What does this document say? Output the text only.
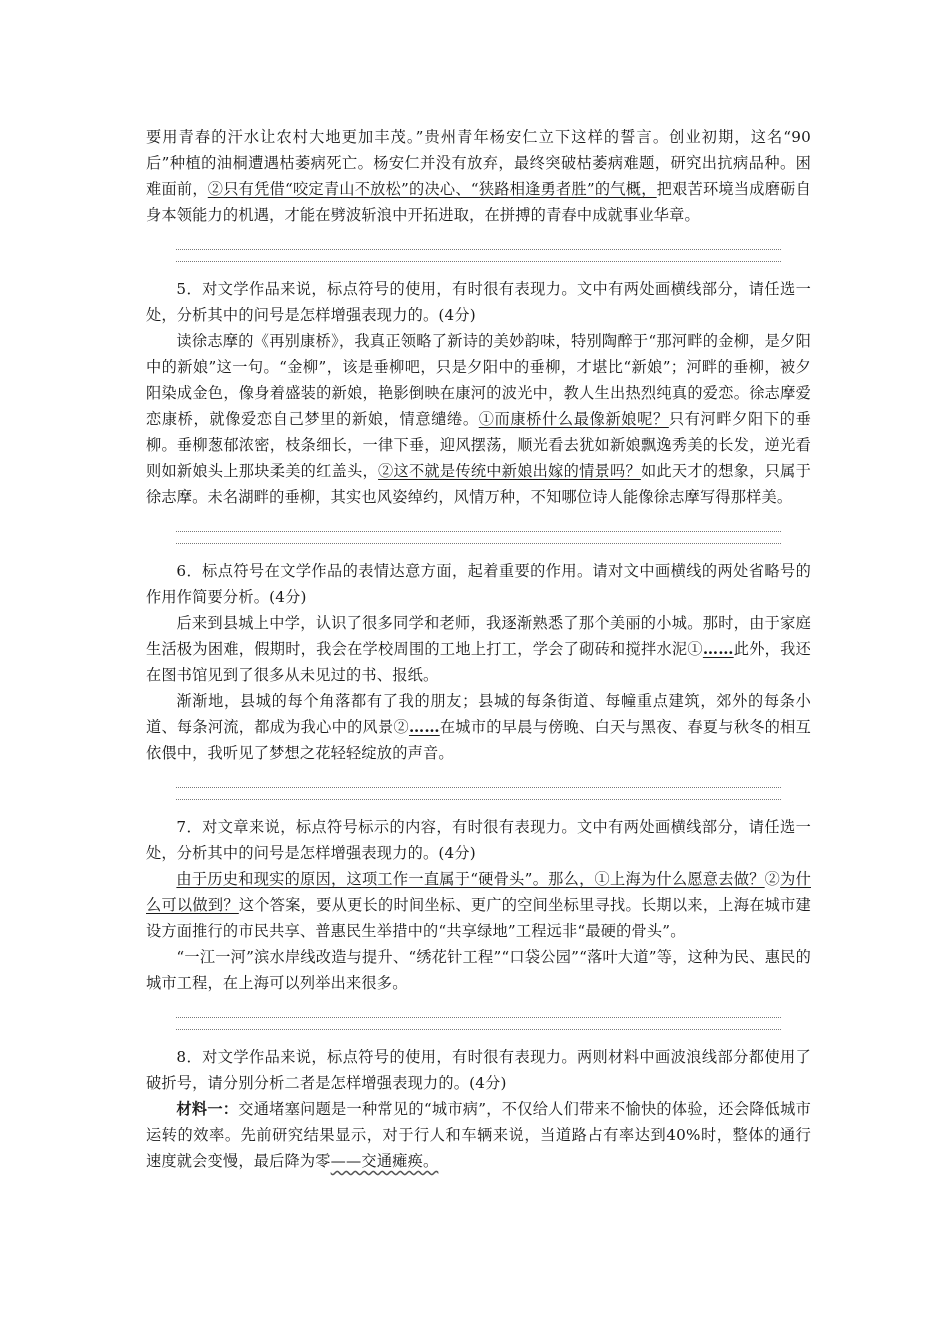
要用青春的汗水让农村大地更加丰茂。”贵州青年杨安仁立下这样的誓言。创业初期，这名“90后”种植的油桐遭遇枯萎病死亡。杨安仁并没有放弃，最终突破枯萎病难题，研究出抗病品种。困难面前，②只有凭借“咬定青山不放松”的决心、“狭路相逢勇者胜”的气概，把艰苦环境当成磨砺自身本领能力的机遇，才能在劈波斩浪中开拓进取，在拼搏的青春中成就事业华章。

5．对文学作品来说，标点符号的使用，有时很有表现力。文中有两处画横线部分，请任选一处，分析其中的问号是怎样增强表现力的。(4分)

读徐志摩的《再别康桥》，我真正领略了新诗的美妙韵味，特别陶醉于“那河畔的金柳，是夕阳中的新娘”这一句。“金柳”，该是垂柳吧，只是夕阳中的垂柳，才堪比“新娘”；河畔的垂柳，被夕阳染成金色，像身着盛装的新娘，艳影倒映在康河的波光中，教人生出热烈纯真的爱恋。徐志摩爱恋康桥，就像爱恋自己梦里的新娘，情意缱绻。①而康桥什么最像新娘呢？只有河畔夕阳下的垂柳。垂柳葱郁浓密，枝条细长，一律下垂，迎风摆荡，顺光看去犹如新娘飘逸秀美的长发，逆光看则如新娘头上那块柔美的红盖头，②这不就是传统中新娘出嫁的情景吗？如此天才的想象，只属于徐志摩。未名湖畔的垂柳，其实也风姿绰约，风情万种，不知哪位诗人能像徐志摩写得那样美。

6．标点符号在文学作品的表情达意方面，起着重要的作用。请对文中画横线的两处省略号的作用作简要分析。(4分)

后来到县城上中学，认识了很多同学和老师，我逐渐熟悉了那个美丽的小城。那时，由于家庭生活极为困难，假期时，我会在学校周围的工地上打工，学会了砌砖和搅拌水泥①……此外，我还在图书馆见到了很多从未见过的书、报纸。

渐渐地，县城的每个角落都有了我的朋友；县城的每条街道、每幢重点建筑，郊外的每条小道、每条河流，都成为我心中的风景②……在城市的早晨与傍晚、白天与黑夜、春夏与秋冬的相互依偎中，我听见了梦想之花轻轻绽放的声音。

7．对文章来说，标点符号标示的内容，有时很有表现力。文中有两处画横线部分，请任选一处，分析其中的问号是怎样增强表现力的。(4分)

由于历史和现实的原因，这项工作一直属于“硬骨头”。那么，①上海为什么愿意去做？②为什么可以做到？这个答案，要从更长的时间坐标、更广的空间坐标里寻找。长期以来，上海在城市建设方面推行的市民共享、普惠民生举措中的“共享绿地”工程远非“最硬的骨头”。

“一江一河”滨水岸线改造与提升、“绣花针工程”“口袋公园”“落叶大道”等，这种为民、惠民的城市工程，在上海可以列举出来很多。

8．对文学作品来说，标点符号的使用，有时很有表现力。两则材料中画波浪线部分都使用了破折号，请分别分析二者是怎样增强表现力的。(4分)

材料一：交通堵塞问题是一种常见的“城市病”，不仅给人们带来不愉快的体验，还会降低城市运转的效率。先前研究结果显示，对于行人和车辆来说，当道路占有率达到40%时，整体的通行速度就会变慢，最后降为零——交通瘫痪。
